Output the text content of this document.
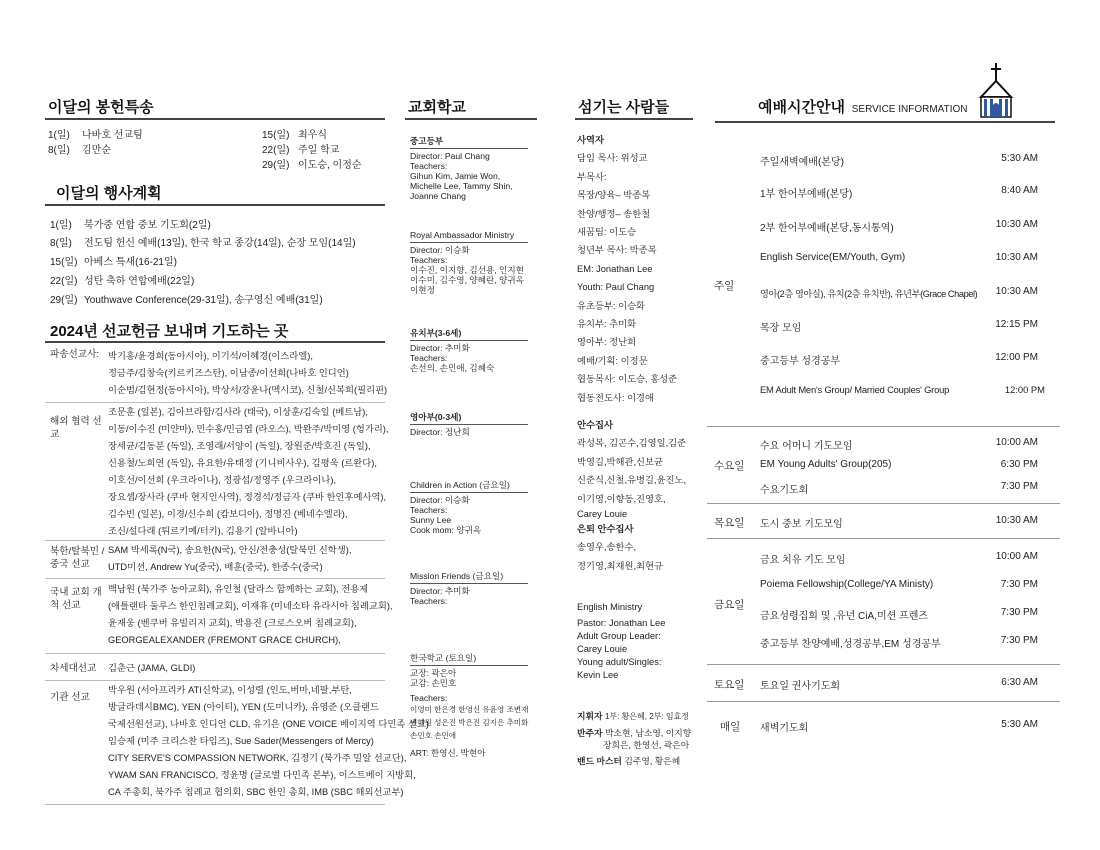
이달의 봉헌특송
1(일)	나바호 선교팀
8(일)	김만순
15(일) 최우식
22(일) 주일 학교
29(일) 이도승, 이정순
이달의 행사계획
1(일)	북가중 연합 중보 기도회(2일)
8(일)	전도팀 헌신 예배(13일), 한국 학교 종강(14일), 순장 모임(14일)
15(일) 아베스 특새(16-21일)
22(일) 성탄 축하 연합예배(22일)
29(일) Youthwave Conference(29-31일), 송구영신 예배(31일)
2024년 선교헌금 보내며 기도하는 곳
파송선교사: 박기홍/윤경희(동아시아), 이기석/이혜경(이스라엘),
정금주/김창숙(키르키즈스탄), 이남종/이선희(나바호 인디언)
이순범/김현정(동아시아), 박상서/강윤나(멕시코), 신철/신복희(필리핀)
해외 협력 선교
조문훈 (일본), 김아브라함/김사라 (태국), 이상훈/김숙일 (베트남),
이동/이수진 (미얀마), 민수홍/민금엽 (라오스), 박완주/박미영 (헝가리),
장세균/김동분 (독일), 조영래/서양이 (독일), 장원준/박호진 (독일),
신용철/노희연 (독일), 유요한/유태정 (기니비사우), 김평욱 (르완다),
이호선/이선희 (우크라이나), 정광섭/정영주 (우크라이나),
장요셉/장사라 (쿠바 현지인사역), 정경석/정금자 (쿠바 한인후예사역),
김수빈 (일본), 이경/신수희 (캄보디아), 정명진 (베네수엘라),
조신/설다래 (튀르키예/터키), 김용기 (알바니아)
북한/탈북민 /중국 선교
SAM 박세록(N국), 송요한(N국), 안신/전충성(탈북민 신학생),
UTD미션, Andrew Yu(중국), 배훈(중국), 한종수(중국)
국내 교회 개척 선교
백남원 (북가주 농아교회), 유인철 (달라스 함께하는 교회), 전용제
(애틀랜타 둘루스 한인침례교회), 이재휴 (미네소타 유라시아 침례교회),
윤재웅 (벤쿠버 유빌리지 교회), 박용진 (크로스오버 침례교회),
GEORGEALEXANDER (FREMONT GRACE CHURCH),
차세대선교	김춘근 (JAMA, GLDI)
기관 선교
박우원 (서아프리카 ATI신학교), 이성렬 (인도,버마,네팔,부탄,
방글라데시BMC), YEN (아이티), YEN (도미니카), 유영준 (오클랜드
국제선원선교), 나바호 인디언 CLD, 유기은 (ONE VOICE 베이지역 다민족 선교)
임승제 (미주 크리스찬 타임즈), Sue Sader(Messengers of Mercy)
CITY SERVE'S COMPASSION NETWORK, 김정기 (북가주 밀알 선교단),
YWAM SAN FRANCISCO, 정윤명 (글로벌 다민족 본부), 이스트베이 지방회,
CA 주총회, 북가주 침례교 협의회, SBC 한인 총회, IMB (SBC 해외선교부)
교회학교
중고등부
Director: Paul Chang
Teachers:
Gihun Kim, Jamie Won,
Michelle Lee, Tammy Shin,
Joanne Chang
Royal Ambassador Ministry
Director: 이승화
Teachers:
이수진, 이지향, 김선용, 인지현
이수미, 김수영, 양혜란, 양귀옥
이현정
유치부(3-6세)
Director: 추미화
Teachers:
손선의, 손민애, 김혜숙
영아부(0-3세)
Director: 정난희
Children in Action (금요일)
Director: 이승화
Teachers:
Sunny Lee
Cook mom: 양귀옥
Mission Friends (금요일)
Director: 추미화
Teachers:
한국학교 (토요일)
교장: 곽은아
교감: 손민호
Teachers:
이영미 한은경 한영신 유윤영 조변재
변혜원 성은진 박은진 김지은 추미화
손민호 손민애
ART: 한영신, 박현아
섬기는 사람들
사역자
담임 목사: 위성교
부목사:
목장/양육– 박종복
찬양/행정– 송한철
새꿈팀: 이도승
청년부 목사: 박종복
EM: Jonathan Lee
Youth: Paul Chang
유초등부: 이승화
유치부: 추미화
영아부: 정난희
예배/기획: 이정문
협동목사: 이도승, 홍성준
협동전도사: 이경애
안수집사
곽성복, 김곤수,김영일,김준
박영길,박해관,신보균
신준식,신철,유병길,윤진노,
이기영,이향동,진영호,
Carey Louie
은퇴 안수집사
송영우,송한수,
정기영,최재원,최현규
English Ministry
Pastor: Jonathan Lee
Adult Group Leader:
Carey Louie
Young adult/Singles:
Kevin Lee
지휘자 1부: 황은혜, 2부: 임효정
반주자 박소현, 남소영, 이지향
장희은, 한영선, 곽은아
밴드 마스터 김주영, 황은혜
예배시간안내 SERVICE INFORMATION
주일
주일새벽예배(본당)	5:30 AM
1부 한어부예배(본당)	8:40 AM
2부 한어부예배(본당,동시통역)	10:30 AM
English Service(EM/Youth, Gym)	10:30 AM
영아(2층 영아실), 유치(2층 유치반), 유년부(Grace Chapel) 10:30 AM
목장 모임	12:15 PM
중고등부 성경공부	12:00 PM
EM Adult Men's Group/ Married Couples' Group	12:00 PM
수요일
수요 어머니 기도모임	10:00 AM
EM Young Adults' Group(205)	6:30 PM
수요기도회	7:30 PM
목요일 도시 중보 기도모임	10:30 AM
금요일
금요 치유 기도 모임	10:00 AM
Poiema Fellowship(College/YA Ministy)	7:30 PM
금요성령집회 및 ,유년 CiA,미션 프렌즈	7:30 PM
중고등부 찬양예배,성경공부,EM 성경공부	7:30 PM
토요일 토요일 권사기도회	6:30 AM
매일 새벽기도회	5:30 AM
